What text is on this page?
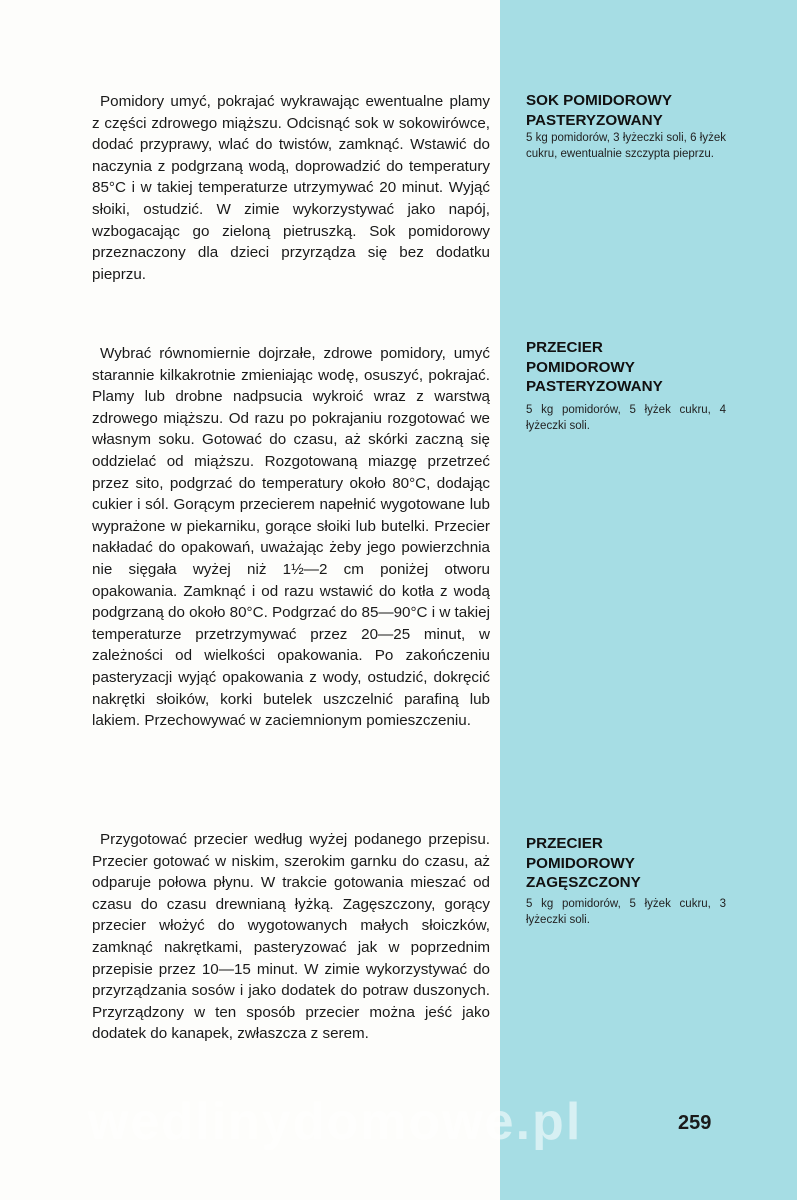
Pomidory umyć, pokrajać wykrawając ewentualne plamy z części zdrowego miąższu. Odcisnąć sok w sokowirówce, dodać przyprawy, wlać do twistów, zamknąć. Wstawić do naczynia z podgrzaną wodą, doprowadzić do temperatury 85°C i w takiej temperaturze utrzymywać 20 minut. Wyjąć słoiki, ostudzić. W zimie wykorzystywać jako napój, wzbogacając go zieloną pietruszką. Sok pomidorowy przeznaczony dla dzieci przyrządza się bez dodatku pieprzu.

Wybrać równomiernie dojrzałe, zdrowe pomidory, umyć starannie kilkakrotnie zmieniając wodę, osuszyć, pokrajać. Plamy lub drobne nadpsucia wykroić wraz z warstwą zdrowego miąższu. Od razu po pokrajaniu rozgotować we własnym soku. Gotować do czasu, aż skórki zaczną się oddzielać od miąższu. Rozgotowaną miazgę przetrzeć przez sito, podgrzać do temperatury około 80°C, dodając cukier i sól. Gorącym przecierem napełnić wygotowane lub wyprażone w piekarniku, gorące słoiki lub butelki. Przecier nakładać do opakowań, uważając żeby jego powierzchnia nie sięgała wyżej niż 1½—2 cm poniżej otworu opakowania. Zamknąć i od razu wstawić do kotła z wodą podgrzaną do około 80°C. Podgrzać do 85—90°C i w takiej temperaturze przetrzymywać przez 20—25 minut, w zależności od wielkości opakowania. Po zakończeniu pasteryzacji wyjąć opakowania z wody, ostudzić, dokręcić nakrętki słoików, korki butelek uszczelnić parafiną lub lakiem. Przechowywać w zaciemnionym pomieszczeniu.

Przygotować przecier według wyżej podanego przepisu. Przecier gotować w niskim, szerokim garnku do czasu, aż odparuje połowa płynu. W trakcie gotowania mieszać od czasu do czasu drewnianą łyżką. Zagęszczony, gorący przecier włożyć do wygotowanych małych słoiczków, zamknąć nakrętkami, pasteryzować jak w poprzednim przepisie przez 10—15 minut. W zimie wykorzystywać do przyrządzania sosów i jako dodatek do potraw duszonych. Przyrządzony w ten sposób przecier można jeść jako dodatek do kanapek, zwłaszcza z serem.

SOK POMIDOROWY
PASTERYZOWANY

5 kg pomidorów, 3 łyżeczki soli, 6 łyżek cukru, ewentualnie szczypta pieprzu.

PRZECIER
POMIDOROWY
PASTERYZOWANY

5 kg pomidorów, 5 łyżek cukru, 4 łyżeczki soli.

PRZECIER
POMIDOROWY
ZAGĘSZCZONY

5 kg pomidorów, 5 łyżek cukru, 3 łyżeczki soli.

wedlinydomowe.pl	259
